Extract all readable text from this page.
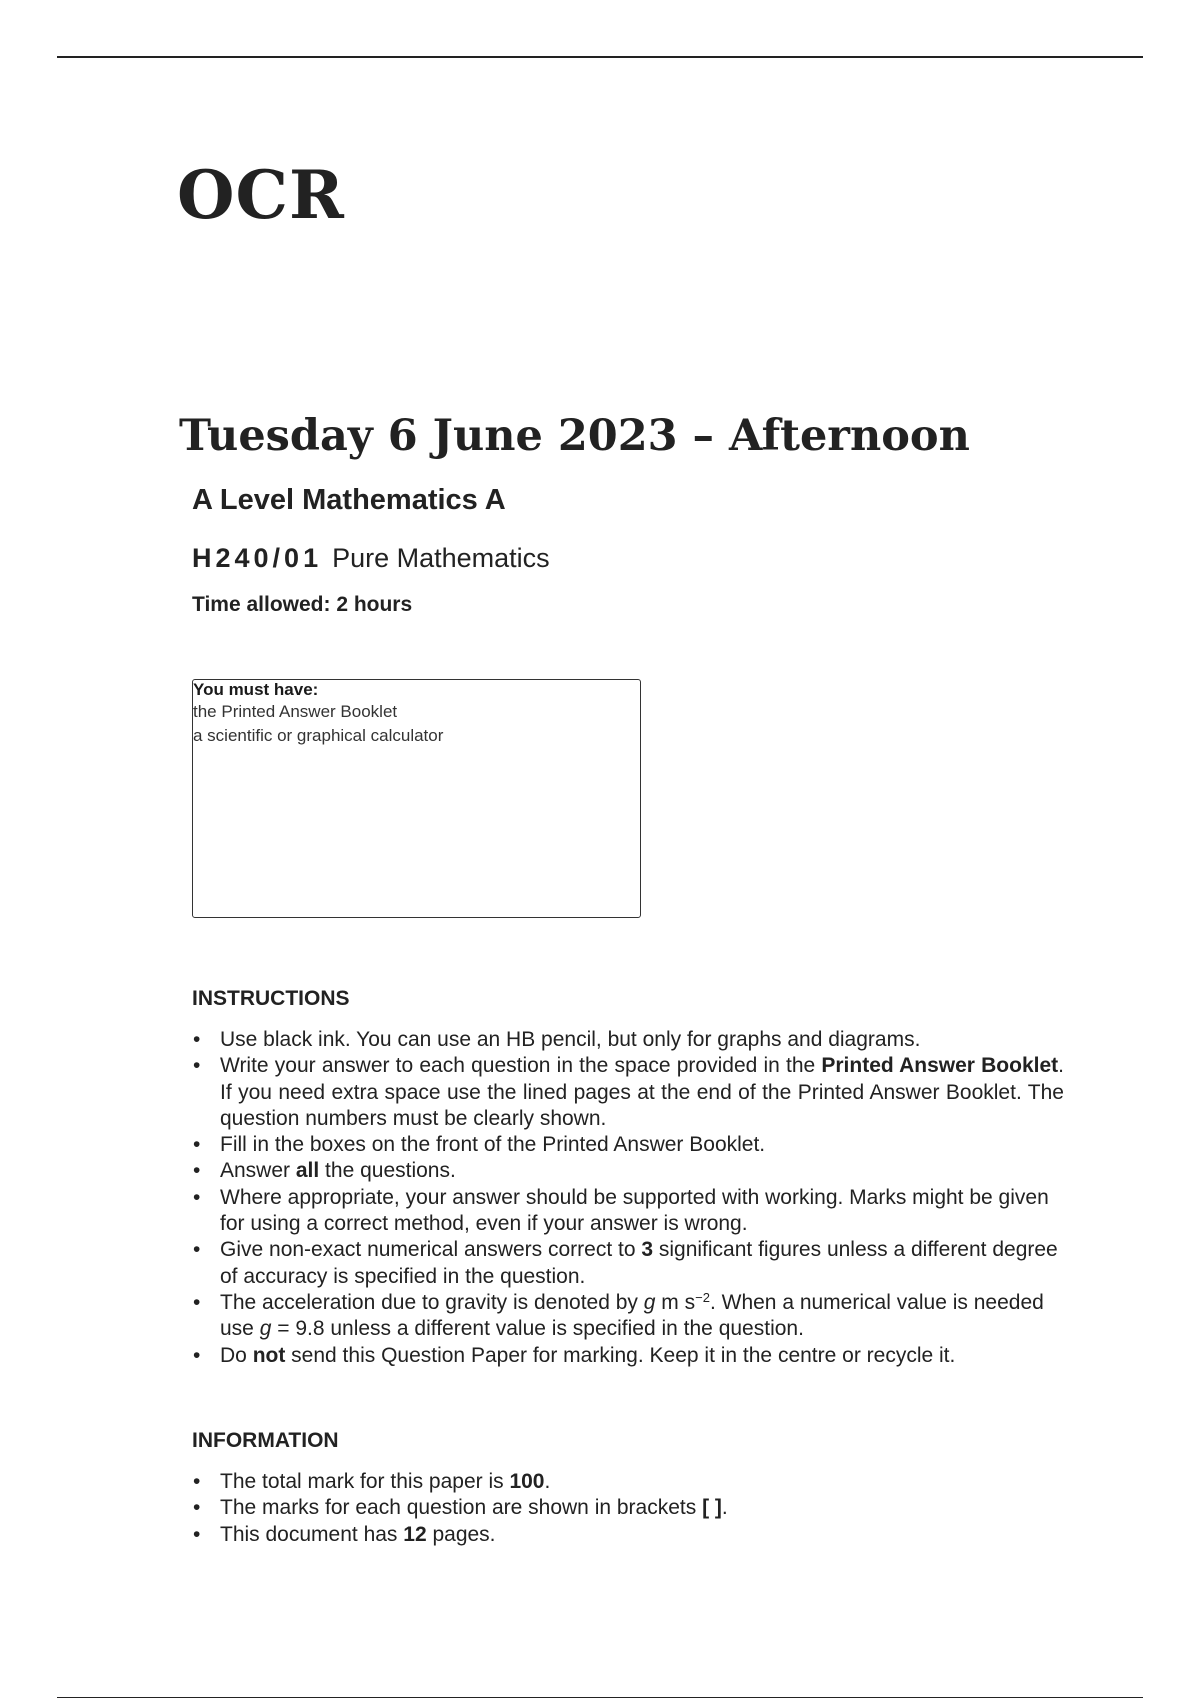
OCR
Tuesday 6 June 2023 – Afternoon
A Level Mathematics A
H240/01 Pure Mathematics
Time allowed: 2 hours

You must have:

the Printed Answer Booklet

a scientific or graphical calculator

INSTRUCTIONS
• Use black ink. You can use an HB pencil, but only for graphs and diagrams.
• Write your answer to each question in the space provided in the Printed Answer Booklet. If you need extra space use the lined pages at the end of the Printed Answer Booklet. The question numbers must be clearly shown.
• Fill in the boxes on the front of the Printed Answer Booklet.
• Answer all the questions.
• Where appropriate, your answer should be supported with working. Marks might be given for using a correct method, even if your answer is wrong.
• Give non-exact numerical answers correct to 3 significant figures unless a different degree of accuracy is specified in the question.
• The acceleration due to gravity is denoted by g m $s^{-2}$. When a numerical value is needed use g = 9.8 unless a different value is specified in the question.
• Do not send this Question Paper for marking. Keep it in the centre or recycle it.
INFORMATION
• The total mark for this paper is 100.
• The marks for each question are shown in brackets [ ].
• This document has 12 pages.
